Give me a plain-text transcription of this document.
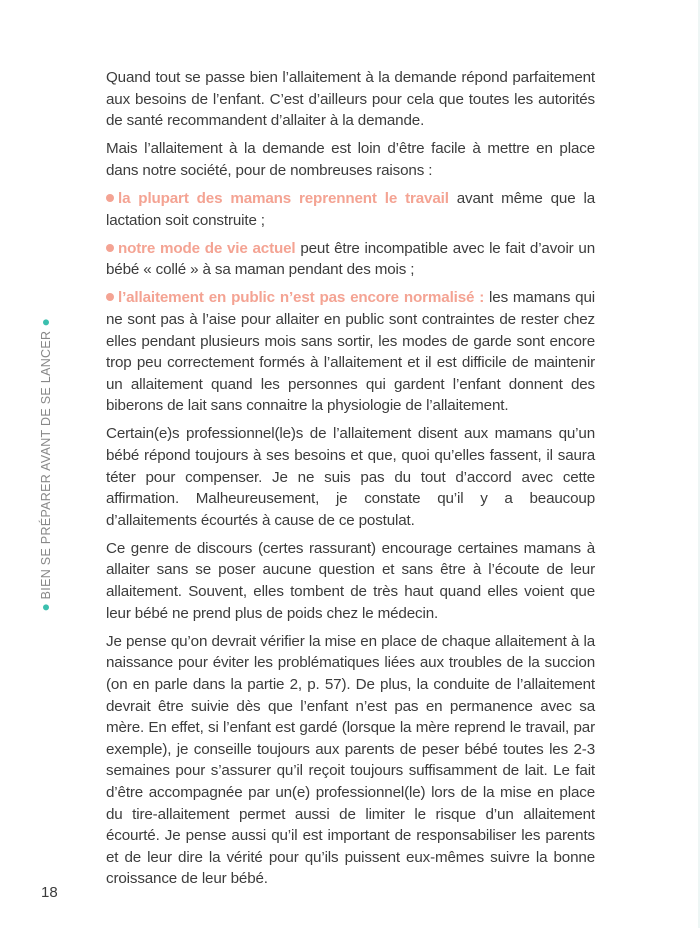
BIEN SE PRÉPARER AVANT DE SE LANCER

Quand tout se passe bien l’allaitement à la demande répond parfaitement aux besoins de l’enfant. C’est d’ailleurs pour cela que toutes les autorités de santé recommandent d’allaiter à la demande.

Mais l’allaitement à la demande est loin d’être facile à mettre en place dans notre société, pour de nombreuses raisons :

la plupart des mamans reprennent le travail avant même que la lactation soit construite ;

notre mode de vie actuel peut être incompatible avec le fait d’avoir un bébé « collé » à sa maman pendant des mois ;

l’allaitement en public n’est pas encore normalisé : les mamans qui ne sont pas à l’aise pour allaiter en public sont contraintes de rester chez elles pendant plusieurs mois sans sortir, les modes de garde sont encore trop peu correctement formés à l’allaitement et il est difficile de maintenir un allaitement quand les personnes qui gardent l’enfant donnent des biberons de lait sans connaitre la physiologie de l’allaitement.

Certain(e)s professionnel(le)s de l’allaitement disent aux mamans qu’un bébé répond toujours à ses besoins et que, quoi qu’elles fassent, il saura téter pour compenser. Je ne suis pas du tout d’accord avec cette affirmation. Malheureusement, je constate qu’il y a beaucoup d’allaitements écourtés à cause de ce postulat.

Ce genre de discours (certes rassurant) encourage certaines mamans à allaiter sans se poser aucune question et sans être à l’écoute de leur allaitement. Souvent, elles tombent de très haut quand elles voient que leur bébé ne prend plus de poids chez le médecin.

Je pense qu’on devrait vérifier la mise en place de chaque allaitement à la naissance pour éviter les problématiques liées aux troubles de la succion (on en parle dans la partie 2, p. 57). De plus, la conduite de l’allaitement devrait être suivie dès que l’enfant n’est pas en permanence avec sa mère. En effet, si l’enfant est gardé (lorsque la mère reprend le travail, par exemple), je conseille toujours aux parents de peser bébé toutes les 2-3 semaines pour s’assurer qu’il reçoit toujours suffisamment de lait. Le fait d’être accompagnée par un(e) professionnel(le) lors de la mise en place du tire-allaitement permet aussi de limiter le risque d’un allaitement écourté. Je pense aussi qu’il est important de responsabiliser les parents et de leur dire la vérité pour qu’ils puissent eux-mêmes suivre la bonne croissance de leur bébé.

18
